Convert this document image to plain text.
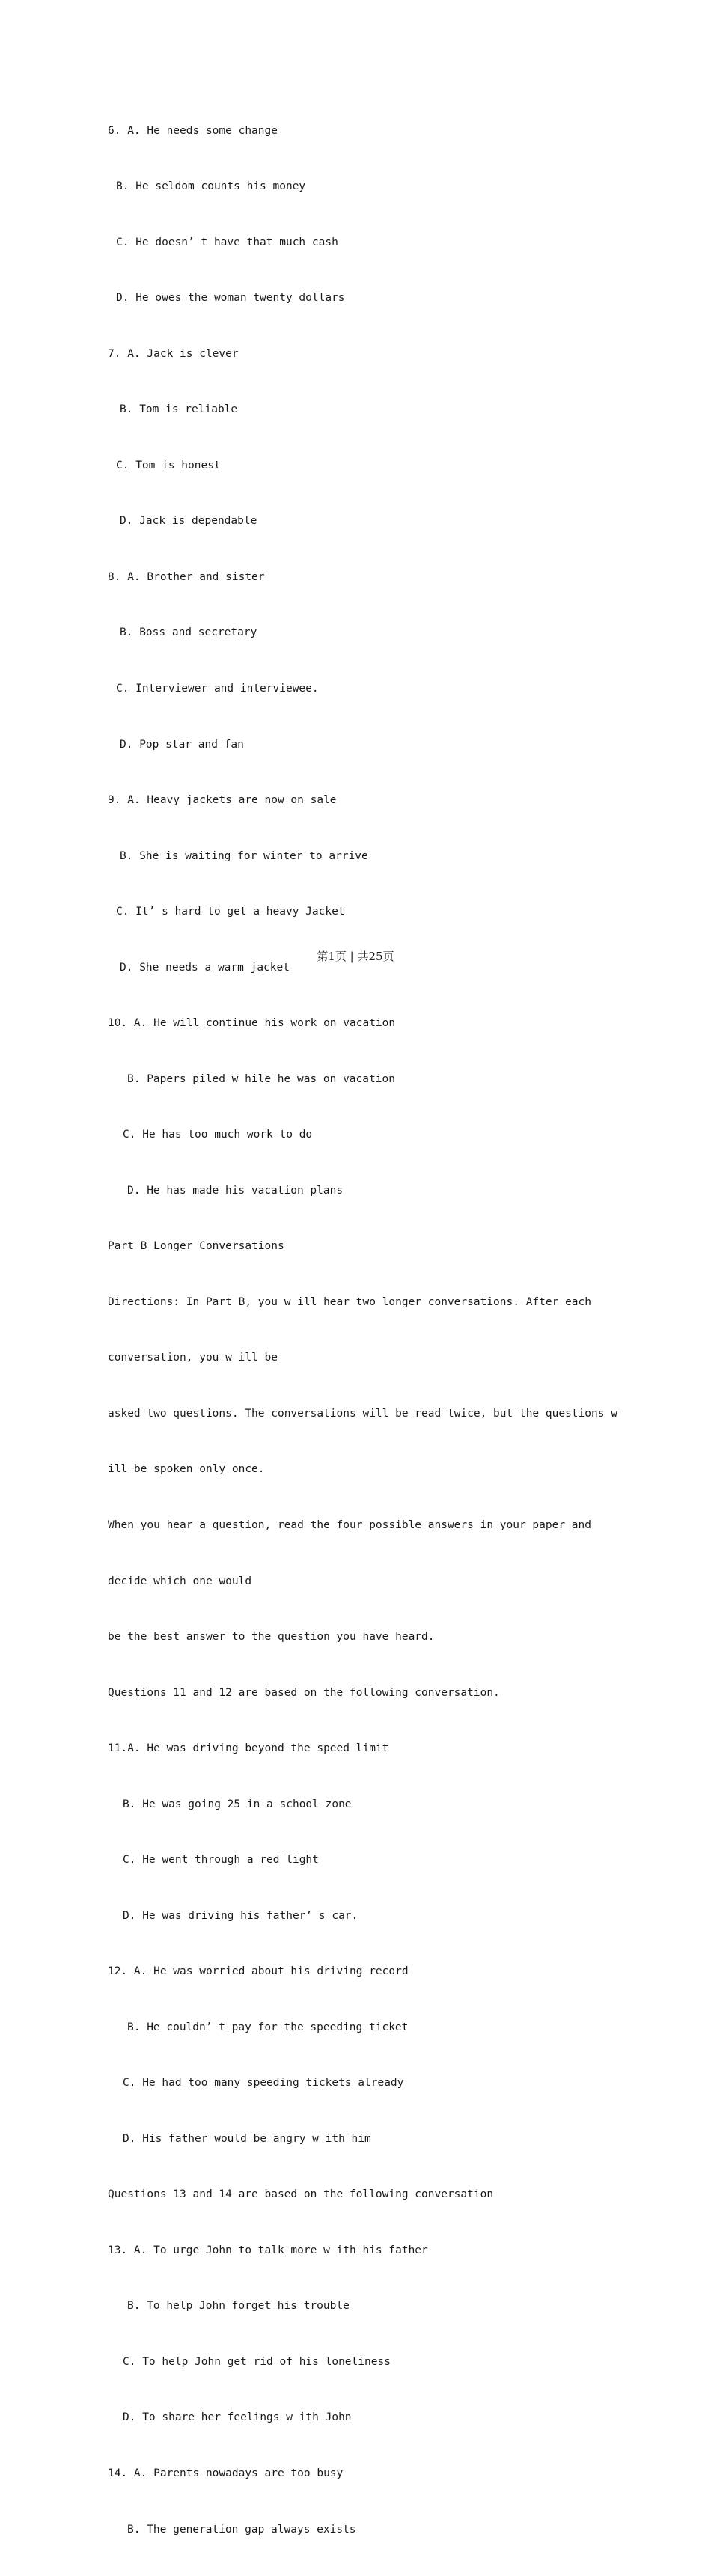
6. A. He needs some change

B. He seldom counts his money

C. He doesn’ t have that much cash

D. He owes the woman twenty dollars

7. A. Jack is clever

B. Tom is reliable

C. Tom is honest

D. Jack is dependable

8. A. Brother and sister

B. Boss and secretary

C. Interviewer and interviewee.

D. Pop star and fan

9. A. Heavy jackets are now on sale

B. She is waiting for winter to arrive

C. It’ s hard to get a heavy Jacket

D. She needs a warm jacket

10. A. He will continue his work on vacation

B. Papers piled w hile he was on vacation

C. He has too much work to do

D. He has made his vacation plans

Part B Longer Conversations

Directions: In Part B, you w ill hear two longer conversations. After each

conversation, you w ill be

asked two questions. The conversations will be read twice, but the questions w

ill be spoken only once.

When you hear a question, read the four possible answers in your paper and

decide which one would

be the best answer to the question you have heard.

Questions 11 and 12 are based on the following conversation.

11.A. He was driving beyond the speed limit

B. He was going 25 in a school zone

C. He went through a red light

D. He was driving his father’ s car.

12. A. He was worried about his driving record

B. He couldn’ t pay for the speeding ticket

C. He had too many speeding tickets already

D. His father would be angry w ith him

Questions 13 and 14 are based on the following conversation

13. A. To urge John to talk more w ith his father

B. To help John forget his trouble

C. To help John get rid of his loneliness

D. To share her feelings w ith John

14. A. Parents nowadays are too busy

B. The generation gap always exists

第1页 | 共25页
